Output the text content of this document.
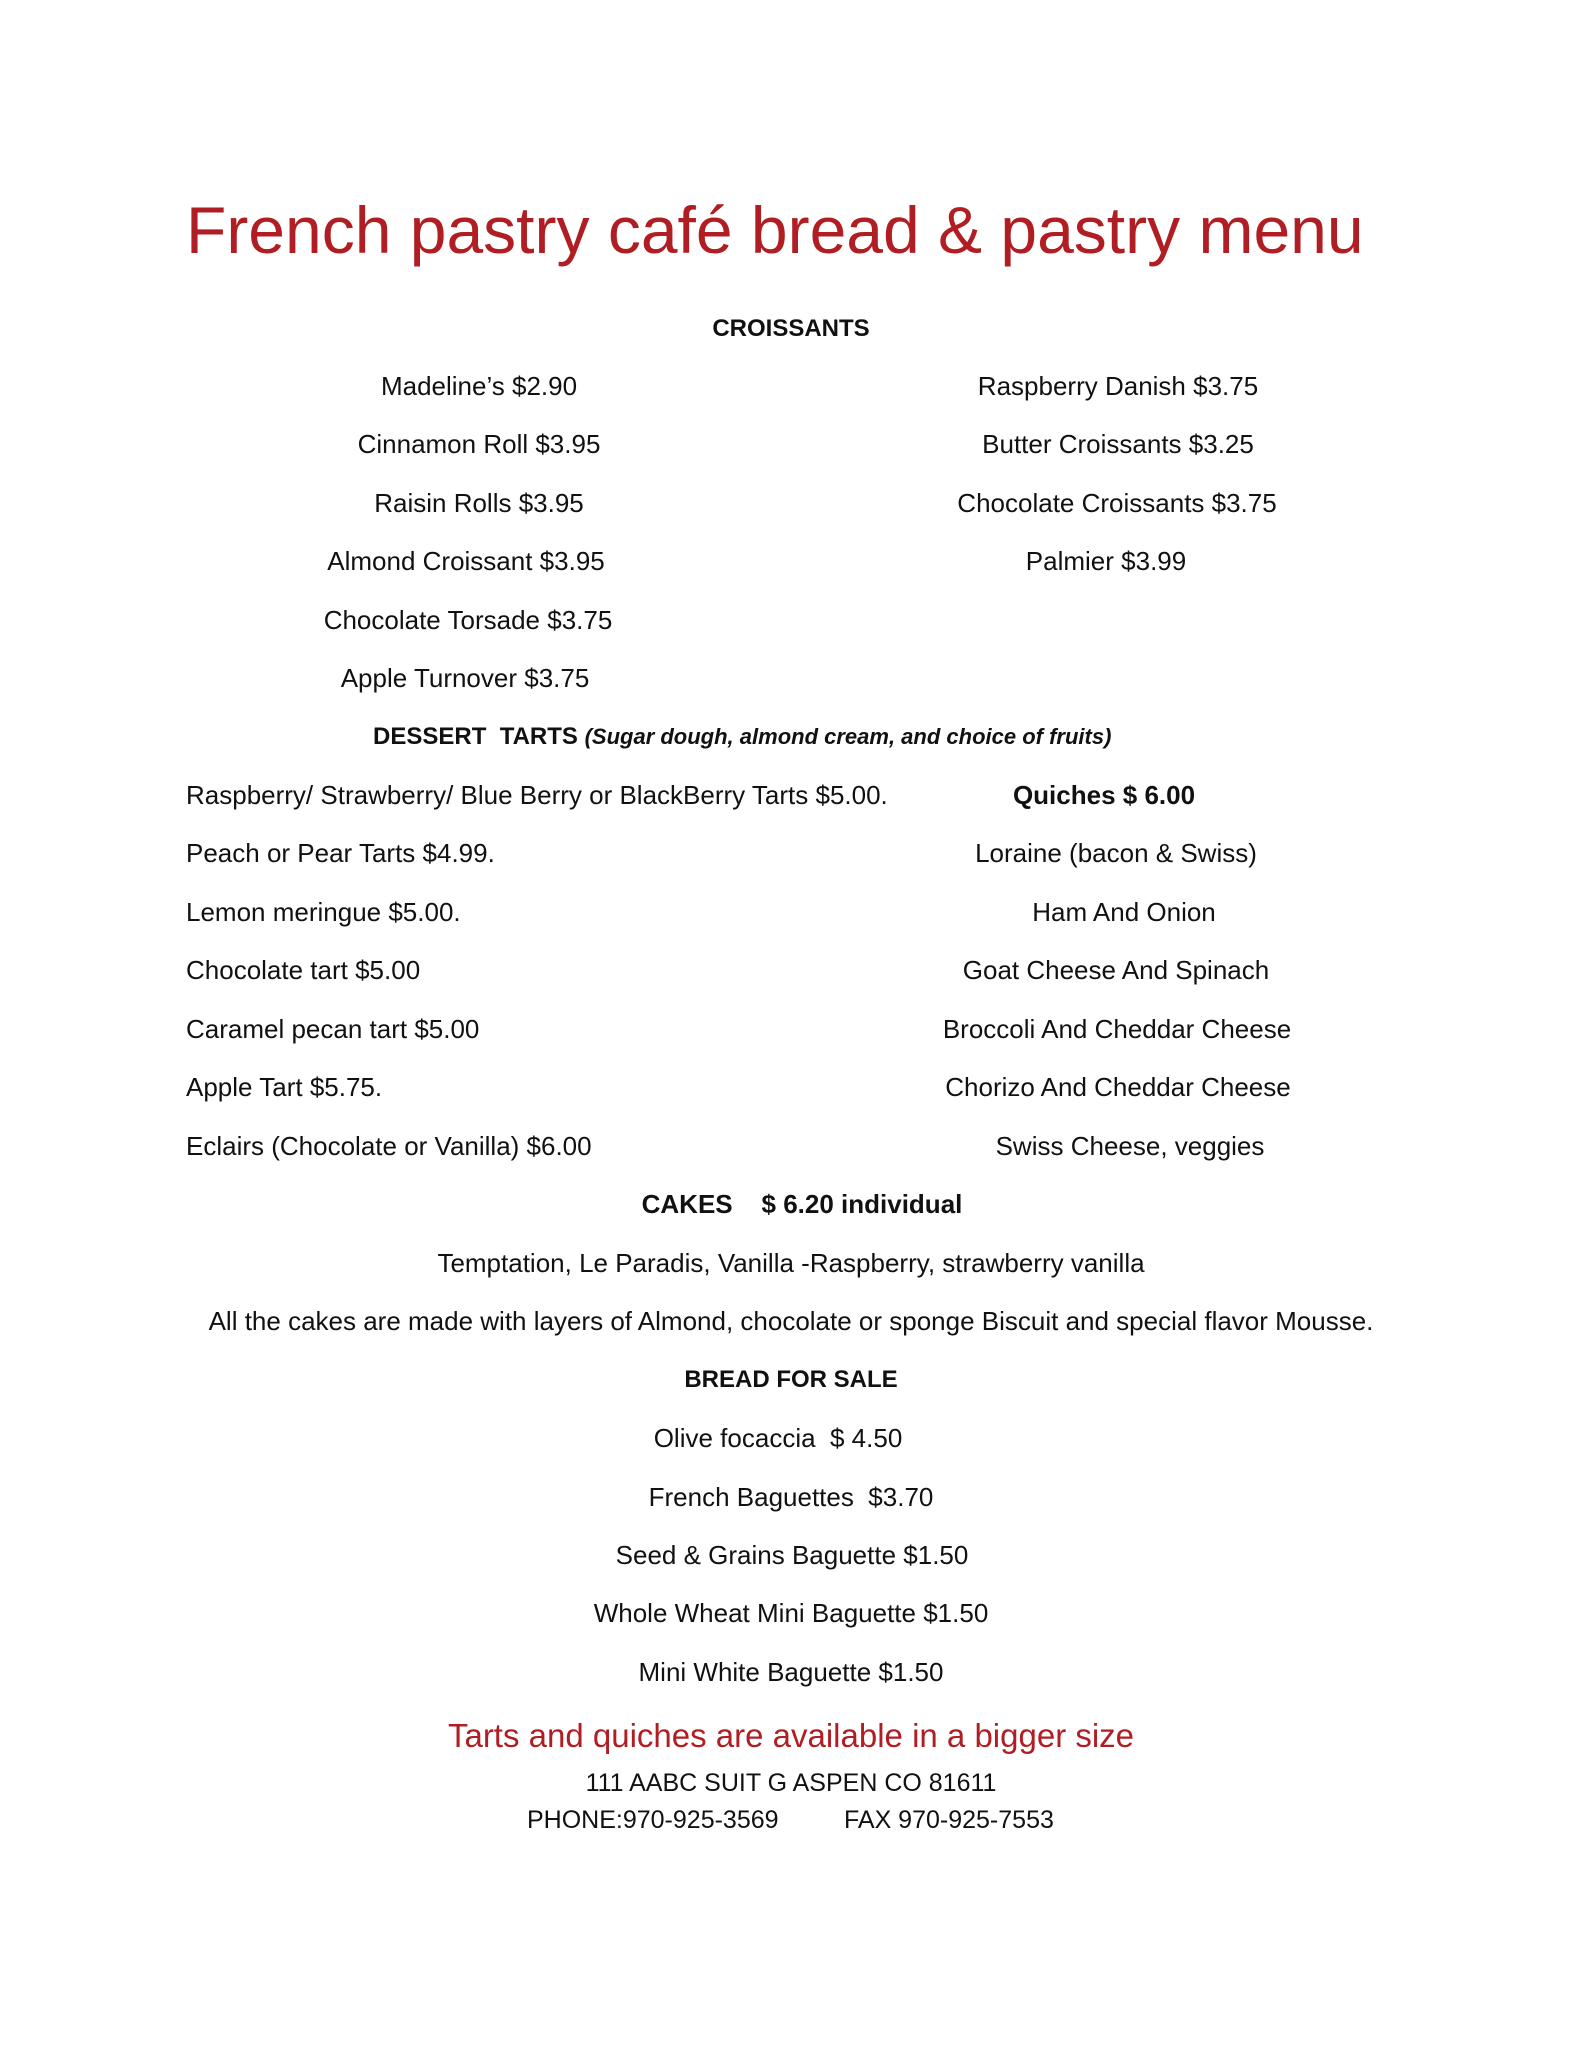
French pastry café bread & pastry menu
CROISSANTS
Madeline’s $2.90
Cinnamon Roll $3.95
Raisin Rolls $3.95
Almond Croissant $3.95
Chocolate Torsade $3.75
Apple Turnover $3.75
Raspberry Danish $3.75
Butter Croissants $3.25
Chocolate Croissants $3.75
Palmier $3.99
DESSERT  TARTS (Sugar dough, almond cream, and choice of fruits)
Raspberry/ Strawberry/ Blue Berry or BlackBerry Tarts $5.00.
Peach or Pear Tarts $4.99.
Lemon meringue $5.00.
Chocolate tart $5.00
Caramel pecan tart $5.00
Apple Tart $5.75.
Eclairs (Chocolate or Vanilla) $6.00
Quiches $ 6.00
Loraine (bacon & Swiss)
Ham And Onion
Goat Cheese And Spinach
Broccoli And Cheddar Cheese
Chorizo And Cheddar Cheese
Swiss Cheese, veggies
CAKES    $ 6.20 individual
Temptation, Le Paradis, Vanilla -Raspberry, strawberry vanilla
All the cakes are made with layers of Almond, chocolate or sponge Biscuit and special flavor Mousse.
BREAD FOR SALE
Olive focaccia  $ 4.50
French Baguettes  $3.70
Seed & Grains Baguette $1.50
Whole Wheat Mini Baguette $1.50
Mini White Baguette $1.50
Tarts and quiches are available in a bigger size
111 AABC SUIT G ASPEN CO 81611
PHONE:970-925-3569	FAX 970-925-7553
